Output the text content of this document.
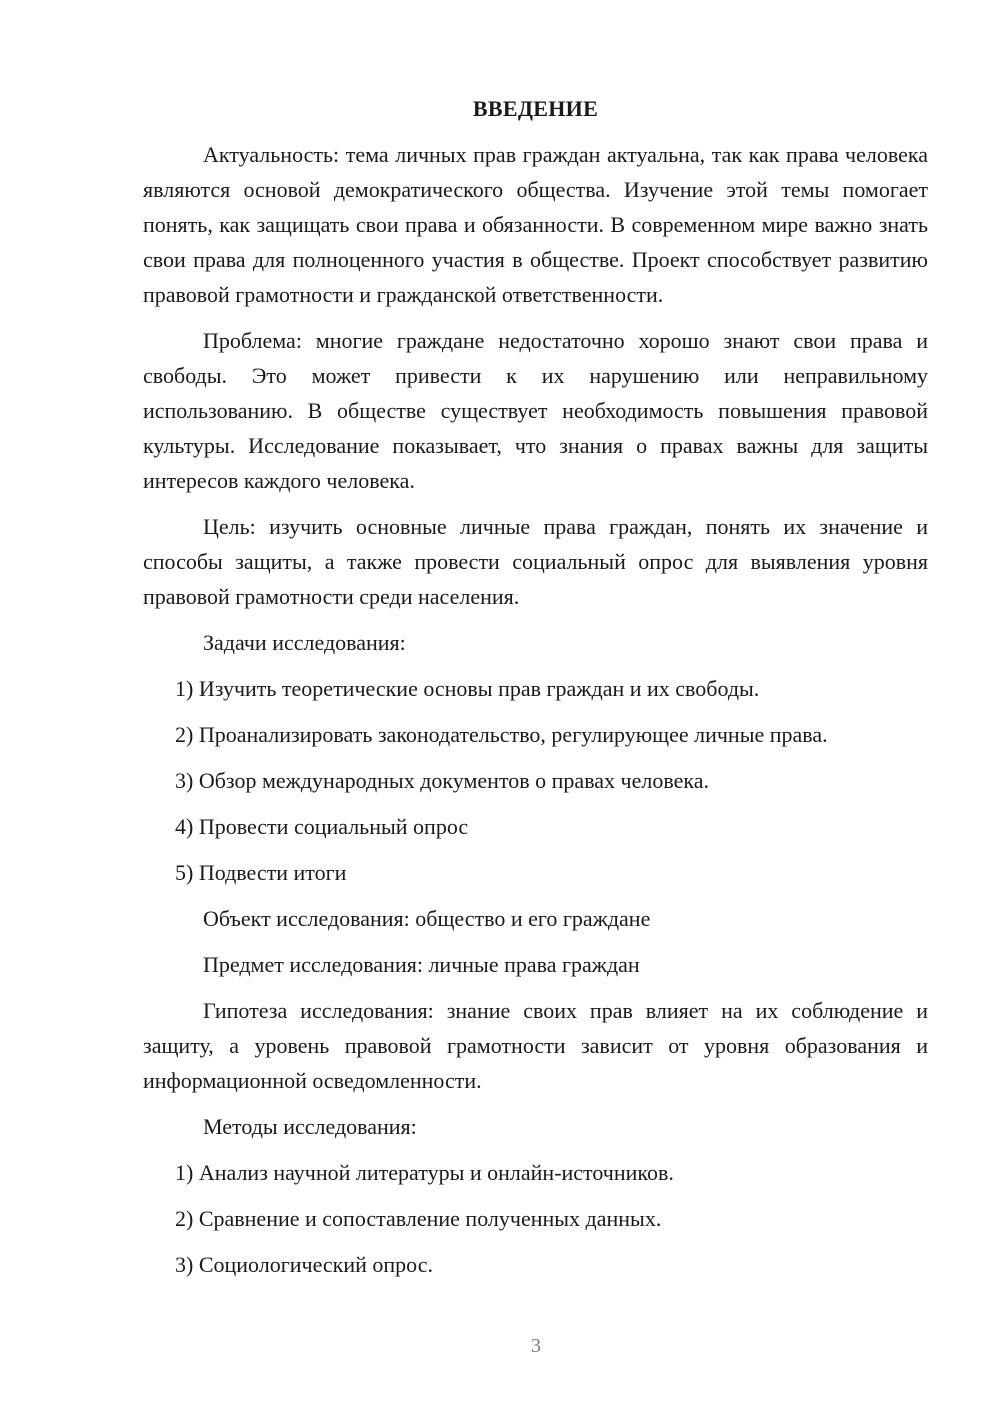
ВВЕДЕНИЕ

Актуальность: тема личных прав граждан актуальна, так как права человека являются основой демократического общества. Изучение этой темы помогает понять, как защищать свои права и обязанности. В современном мире важно знать свои права для полноценного участия в обществе. Проект способствует развитию правовой грамотности и гражданской ответственности.

Проблема: многие граждане недостаточно хорошо знают свои права и свободы. Это может привести к их нарушению или неправильному использованию. В обществе существует необходимость повышения правовой культуры. Исследование показывает, что знания о правах важны для защиты интересов каждого человека.

Цель: изучить основные личные права граждан, понять их значение и способы защиты, а также провести социальный опрос для выявления уровня правовой грамотности среди населения.

Задачи исследования:
1) Изучить теоретические основы прав граждан и их свободы.
2) Проанализировать законодательство, регулирующее личные права.
3) Обзор международных документов о правах человека.
4) Провести социальный опрос
5) Подвести итоги
Объект исследования: общество и его граждане
Предмет исследования: личные права граждан

Гипотеза исследования: знание своих прав влияет на их соблюдение и защиту, а уровень правовой грамотности зависит от уровня образования и информационной осведомленности.

Методы исследования:
1) Анализ научной литературы и онлайн-источников.
2) Сравнение и сопоставление полученных данных.
3) Социологический опрос.
3
